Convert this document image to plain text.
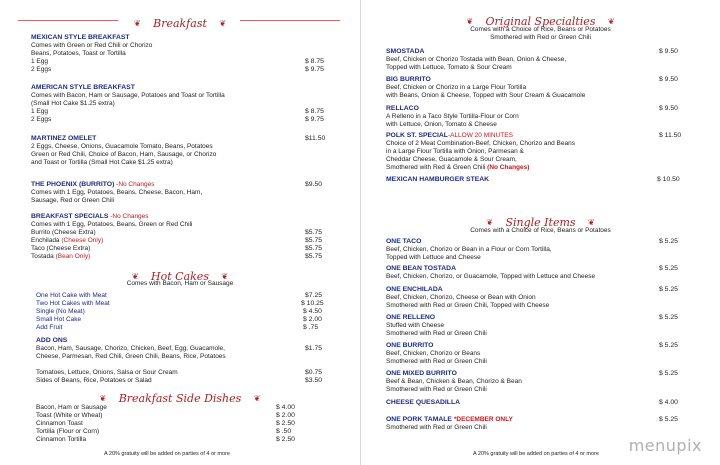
❦ Breakfast ❦
MEXICAN STYLE BREAKFAST
Comes with Green or Red Chili or Chorizo
Beans, Potatoes, Toast or Tortilla
1 Egg	$ 8.75
2 Eggs	$ 9.75
AMERICAN STYLE BREAKFAST
Comes with Bacon, Ham or Sausage, Potatoes and Toast or Tortilla
(Small Hot Cake $1.25 extra)
1 Egg	$ 8.75
2 Eggs	$ 9.75
MARTINEZ OMELET	$11.50
2 Eggs, Cheese, Onions, Guacamole Tomato, Beans, Potatoes
Green or Red Chili, Choice of Bacon, Ham, Sausage, or Chorizo
and Toast or Tortilla (Small Hot Cake $1.25 extra)
THE PHOENIX (BURRITO) -No Changes	$9.50
Comes with 1 Egg, Potatoes, Beans, Cheese, Bacon, Ham,
Sausage, Red or Green Chili
BREAKFAST SPECIALS -No Changes
Comes with 1 Egg, Potatoes, Beans, Green or Red Chili
Burrito (Cheese Extra)	$5.75
Enchilada (Cheese Only)	$5.75
Taco (Cheese Extra)	$5.75
Tostada (Bean Only)	$5.75
❦ Hot Cakes ❦
Comes with Bacon, Ham or Sausage
One Hot Cake with Meat	$7.25
Two Hot Cakes with Meat	$ 10.25
Single (No Meat)	$ 4.50
Small Hot Cake	$ 2.00
Add Fruit	$ .75
ADD ONS
Bacon, Ham, Sausage, Chorizo, Chicken, Beef, Egg, Guacamole,	$1.75
Cheese, Parmesan, Red Chili, Green Chili, Beans, Rice, Potatoes
Tomatoes, Lettuce, Onions, Salsa or Sour Cream	$0.75
Sides of Beans, Rice, Potatoes or Salad	$3.50
❦ Breakfast Side Dishes ❦
Bacon, Ham or Sausage	$ 4.00
Toast (White or Wheat)	$ 2.00
Cinnamon Toast	$ 2.50
Tortilla (Flour or Corn)	$ .50
Cinnamon Tortilla	$ 2.50
A 20% gratuity will be added on parties of 4 or more
❦ Original Specialties ❦
Comes with a Choice of Rice, Beans or Potatoes
Smothered with Red or Green Chili
SMOSTADA	$ 9.50
Beef, Chicken or Chorizo Tostada with Bean, Onion & Cheese,
Topped with Lettuce, Tomato & Sour Cream
BIG BURRITO	$ 9.50
Beef, Chicken or Chorizo in a Large Flour Tortilla
with Beans, Onion & Cheese, Topped with Sour Cream & Guacamole
RELLACO	$ 9.50
A Relleno in a Taco Style Tortilla-Flour or Corn
with Lettuce, Onion, Tomato & Cheese
POLK ST. SPECIAL-ALLOW 20 MINUTES	$ 11.50
Choice of 2 Meat Combination-Beef, Chicken, Chorizo and Beans
in a Large Flour Tortilla with Onion, Parmesan &
Cheddar Cheese, Guacamole & Sour Cream,
Smothered with Red & Green Chili (No Changes)
MEXICAN HAMBURGER STEAK	$ 10.50
❦ Single Items ❦
Comes with a Choice of Rice, Beans or Potatoes
ONE TACO	$ 5.25
Beef, Chicken, Chorizo or Bean in a Flour or Corn Tortilla,
Topped with Lettuce and Cheese
ONE BEAN TOSTADA	$ 5.25
Beef, Chicken, Chorizo, or Guacamole, Topped with Lettuce and Cheese
ONE ENCHILADA	$ 5.25
Beef, Chicken, Chorizo, Cheese or Bean with Onion
Smothered with Red or Green Chili, Topped with Cheese
ONE RELLENO	$ 5.25
Stuffed with Cheese
Smothered with Red or Green Chili
ONE BURRITO	$ 5.25
Beef, Chicken, Chorizo or Beans
Smothered with Red or Green Chili
ONE MIXED BURRITO	$ 5.25
Beef & Bean, Chicken & Bean, Chorizo & Bean
Smothered with Red or Green Chili
CHEESE QUESADILLA	$ 4.00
ONE PORK TAMALE *DECEMBER ONLY	$ 5.25
Smothered with Red or Green Chili
A 20% gratuity will be added on parties of 4 or more menupix
